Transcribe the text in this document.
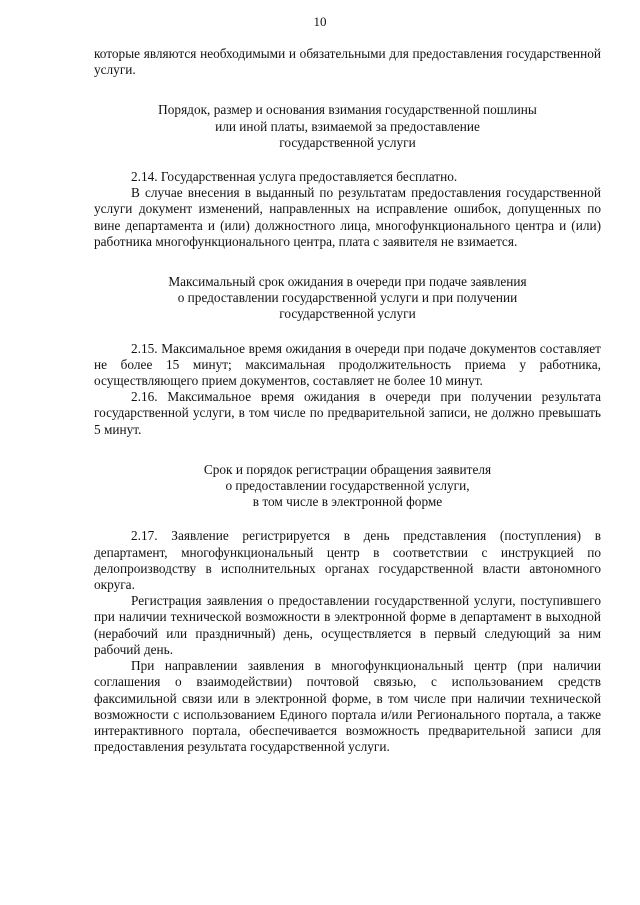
10

которые являются необходимыми и обязательными для предоставления государственной услуги.

Порядок, размер и основания взимания государственной пошлины
или иной платы, взимаемой за предоставление
государственной услуги

2.14. Государственная услуга предоставляется бесплатно.

В случае внесения в выданный по результатам предоставления государственной услуги документ изменений, направленных на исправление ошибок, допущенных по вине департамента и (или) должностного лица, многофункционального центра и (или) работника многофункционального центра, плата с заявителя не взимается.

Максимальный срок ожидания в очереди при подаче заявления
о предоставлении государственной услуги и при получении
государственной услуги

2.15. Максимальное время ожидания в очереди при подаче документов составляет не более 15 минут; максимальная продолжительность приема у работника, осуществляющего прием документов, составляет не более 10 минут.

2.16. Максимальное время ожидания в очереди при получении результата государственной услуги, в том числе по предварительной записи, не должно превышать 5 минут.

Срок и порядок регистрации обращения заявителя
о предоставлении государственной услуги,
в том числе в электронной форме

2.17. Заявление регистрируется в день представления (поступления) в департамент, многофункциональный центр в соответствии с инструкцией по делопроизводству в исполнительных органах государственной власти автономного округа.

Регистрация заявления о предоставлении государственной услуги, поступившего при наличии технической возможности в электронной форме в департамент в выходной (нерабочий или праздничный) день, осуществляется в первый следующий за ним рабочий день.

При направлении заявления в многофункциональный центр (при наличии соглашения о взаимодействии) почтовой связью, с использованием средств факсимильной связи или в электронной форме, в том числе при наличии технической возможности с использованием Единого портала и/или Регионального портала, а также интерактивного портала, обеспечивается возможность предварительной записи для предоставления результата государственной услуги.
